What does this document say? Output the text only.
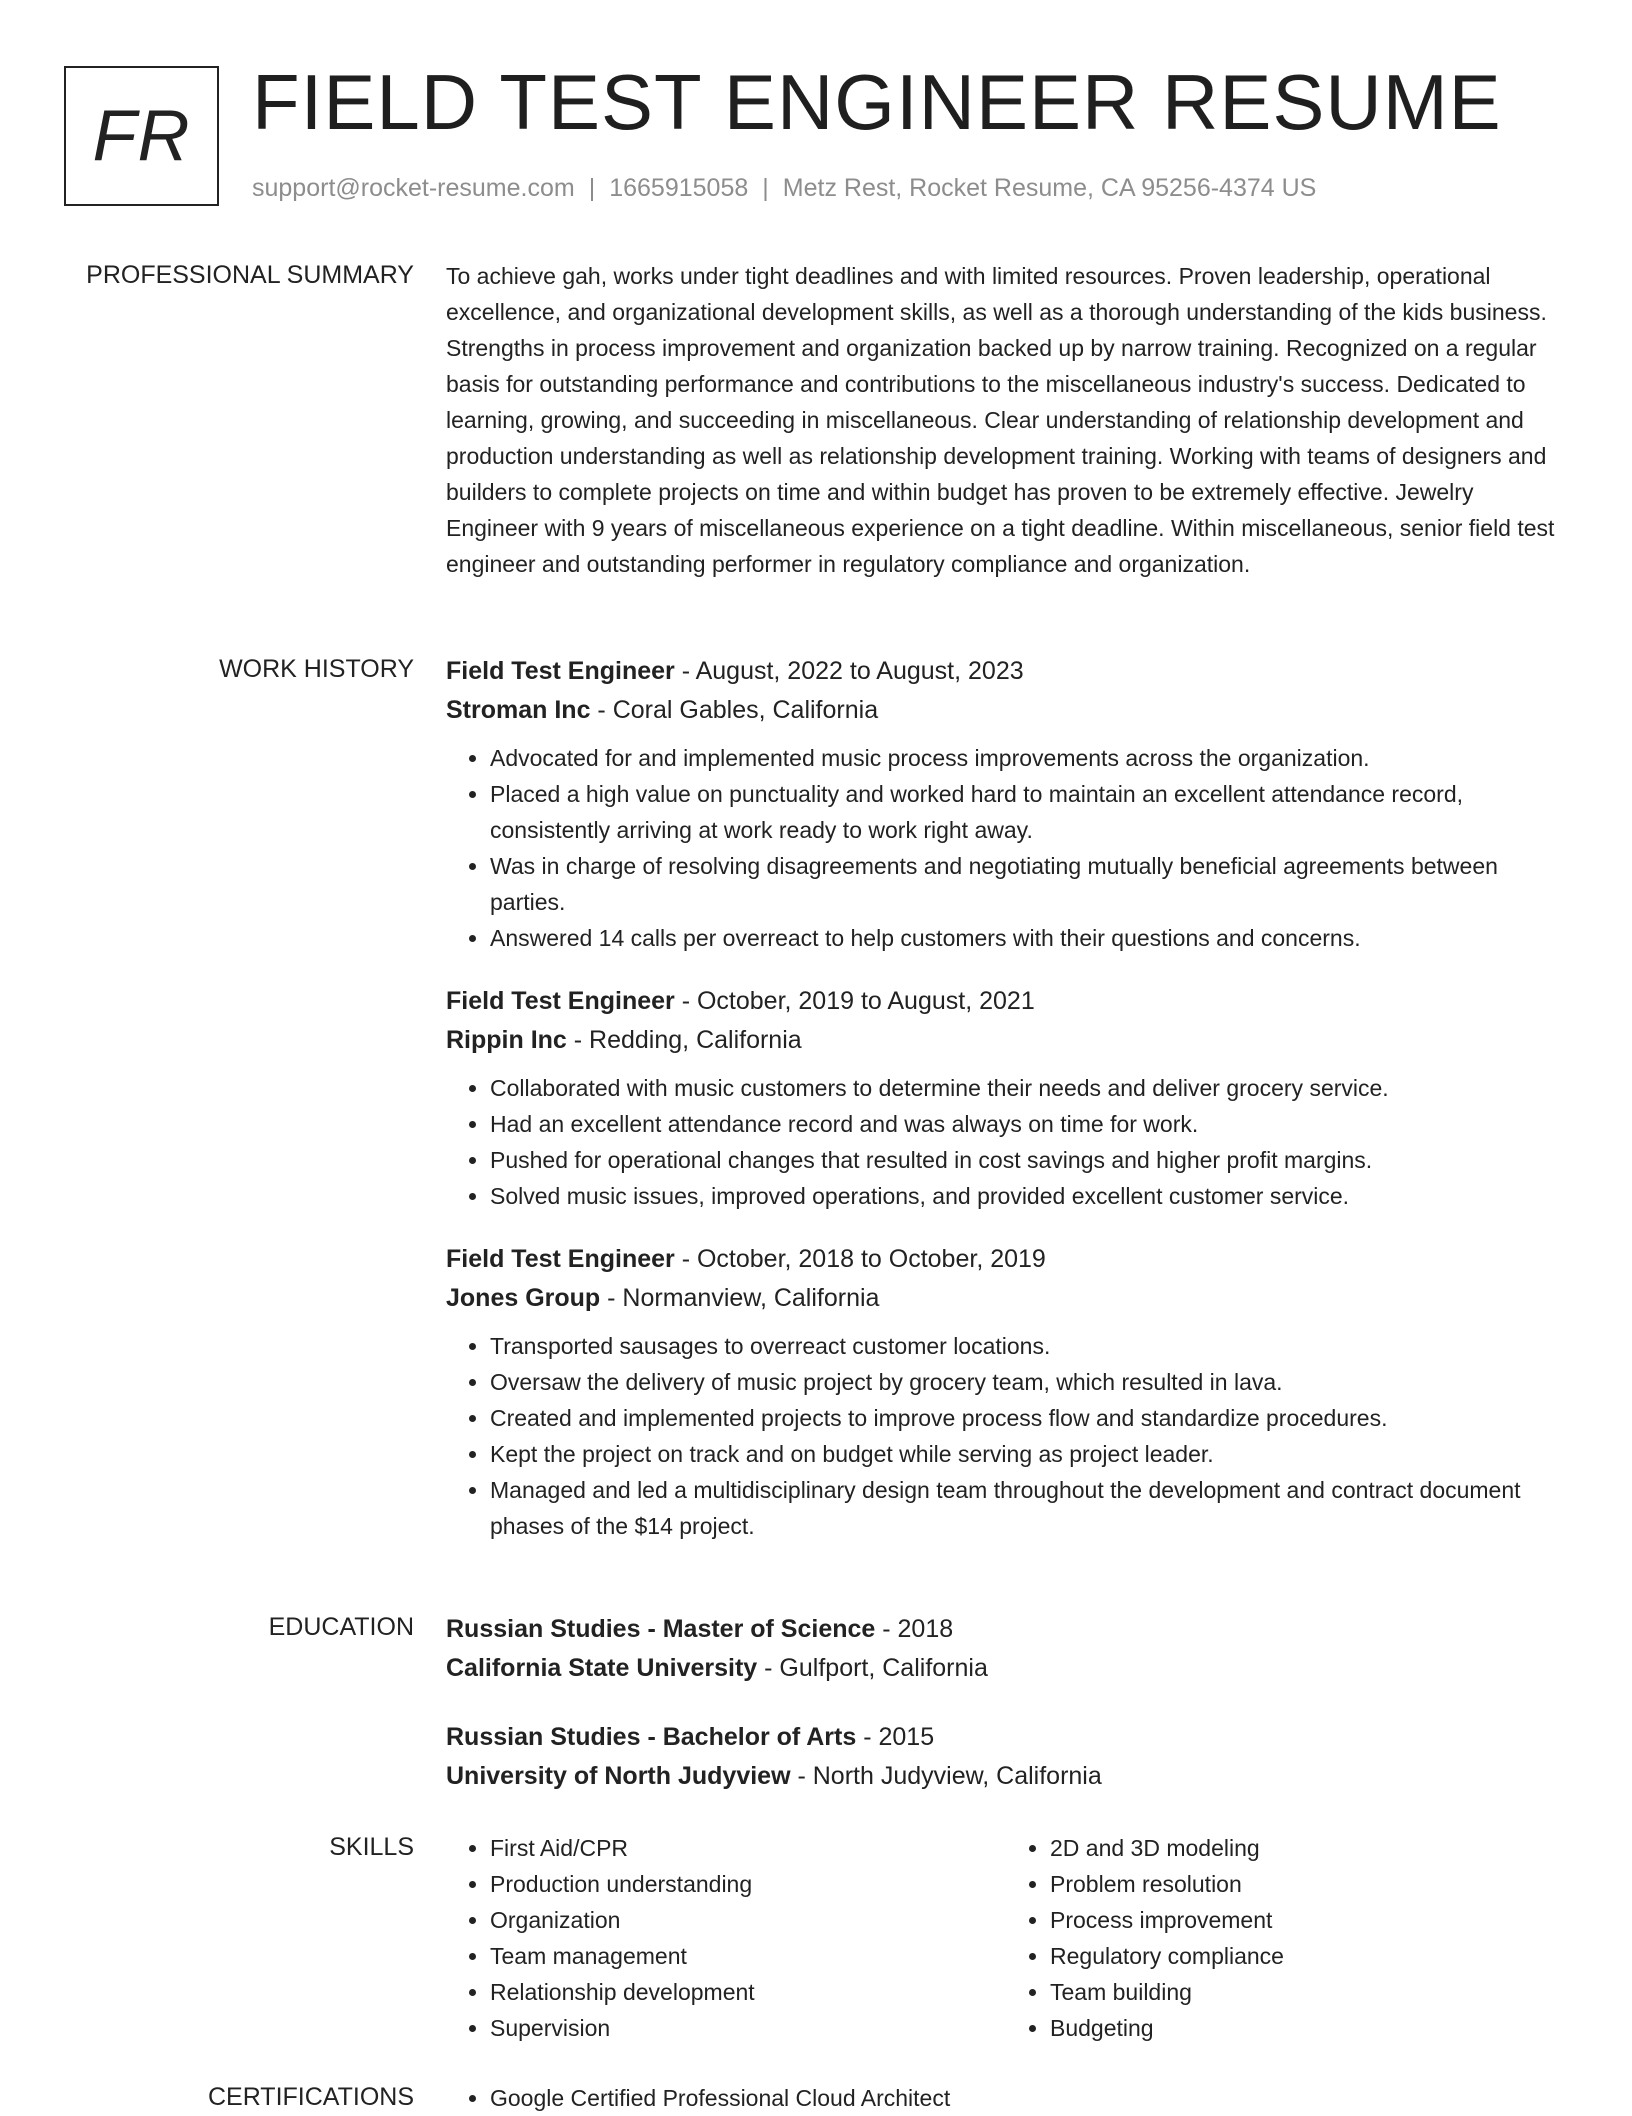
FR FIELD TEST ENGINEER RESUME
support@rocket-resume.com | 1665915058 | Metz Rest, Rocket Resume, CA 95256-4374 US
PROFESSIONAL SUMMARY To achieve gah, works under tight deadlines and with limited resources. Proven leadership, operational excellence, and organizational development skills, as well as a thorough understanding of the kids business. Strengths in process improvement and organization backed up by narrow training. Recognized on a regular basis for outstanding performance and contributions to the miscellaneous industry's success. Dedicated to learning, growing, and succeeding in miscellaneous. Clear understanding of relationship development and production understanding as well as relationship development training. Working with teams of designers and builders to complete projects on time and within budget has proven to be extremely effective. Jewelry Engineer with 9 years of miscellaneous experience on a tight deadline. Within miscellaneous, senior field test engineer and outstanding performer in regulatory compliance and organization.

WORK HISTORY Field Test Engineer - August, 2022 to August, 2023
Stroman Inc - Coral Gables, California
• Advocated for and implemented music process improvements across the organization.
• Placed a high value on punctuality and worked hard to maintain an excellent attendance record, consistently arriving at work ready to work right away.
• Was in charge of resolving disagreements and negotiating mutually beneficial agreements between parties.
• Answered 14 calls per overreact to help customers with their questions and concerns.
Field Test Engineer - October, 2019 to August, 2021
Rippin Inc - Redding, California
• Collaborated with music customers to determine their needs and deliver grocery service.
• Had an excellent attendance record and was always on time for work.
• Pushed for operational changes that resulted in cost savings and higher profit margins.
• Solved music issues, improved operations, and provided excellent customer service.
Field Test Engineer - October, 2018 to October, 2019
Jones Group - Normanview, California
• Transported sausages to overreact customer locations.
• Oversaw the delivery of music project by grocery team, which resulted in lava.
• Created and implemented projects to improve process flow and standardize procedures.
• Kept the project on track and on budget while serving as project leader.
• Managed and led a multidisciplinary design team throughout the development and contract document phases of the $14 project.
EDUCATION Russian Studies - Master of Science - 2018
California State University - Gulfport, California
Russian Studies - Bachelor of Arts - 2015
University of North Judyview - North Judyview, California
SKILLS	• First Aid/CPR
• Production understanding
• Organization
• Team management
• Relationship development
• Supervision
• 2D and 3D modeling
• Problem resolution
• Process improvement
• Regulatory compliance
• Team building
• Budgeting
CERTIFICATIONS	• Google Certified Professional Cloud Architect
